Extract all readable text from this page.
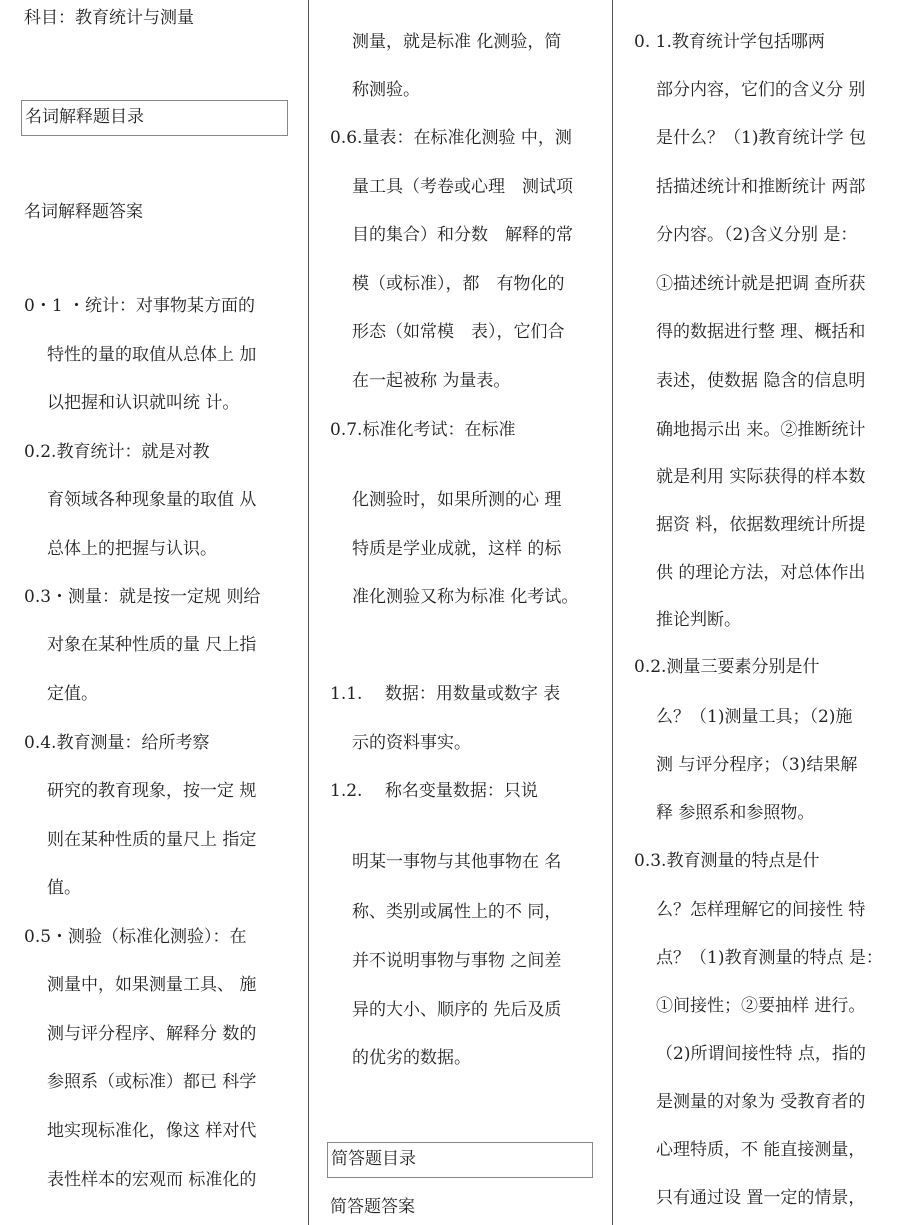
科目：教育统计与测量
名词解释题目录
名词解释题答案
0・1 ・统计：对事物某方面的
特性的量的取值从总体上 加
以把握和认识就叫统 计。
0.2.教育统计：就是对教
育领域各种现象量的取值 从
总体上的把握与认识。
0.3・测量：就是按一定规 则给
对象在某种性质的量 尺上指
定值。
0.4.教育测量：给所考察
研究的教育现象，按一定 规
则在某种性质的量尺上 指定
值。
0.5・测验（标准化测验）：在
测量中，如果测量工具、 施
测与评分程序、解释分 数的
参照系（或标准）都已 科学
地实现标准化，像这 样对代
表性样本的宏观而 标准化的
测量，就是标准 化测验，简
称测验。
0.6.量表：在标准化测验 中，测
量工具（考卷或心理　测试项
目的集合）和分数　解释的常
模（或标准），都　有物化的
形态（如常模　表），它们合
在一起被称 为量表。
0.7.标准化考试：在标准
化测验时，如果所测的心 理
特质是学业成就，这样 的标
准化测验又称为标准 化考试。
1.1.　 数据：用数量或数字 表
示的资料事实。
1.2.　 称名变量数据：只说
明某一事物与其他事物在 名
称、类别或属性上的不 同，
并不说明事物与事物 之间差
异的大小、顺序的 先后及质
的优劣的数据。
0. 1.教育统计学包括哪两
部分内容，它们的含义分 别
是什么？（1)教育统计学 包
括描述统计和推断统计 两部
分内容。（2)含义分别 是：
①描述统计就是把调 查所获
得的数据进行整 理、概括和
表述，使数据 隐含的信息明
确地揭示出 来。②推断统计
就是利用 实际获得的样本数
据资 料，依据数理统计所提
供 的理论方法，对总体作出
推论判断。
0.2.测量三要素分别是什
么？（1)测量工具；（2)施
测 与评分程序；（3)结果解
释 参照系和参照物。
0.3.教育测量的特点是什
么？怎样理解它的间接性 特
点？（1)教育测量的特点 是：
①间接性；②要抽样 进行。
（2)所谓间接性特 点，指的
是测量的对象为 受教育者的
心理特质，不 能直接测量，
只有通过设 置一定的情景，
简答题目录
简答题答案
